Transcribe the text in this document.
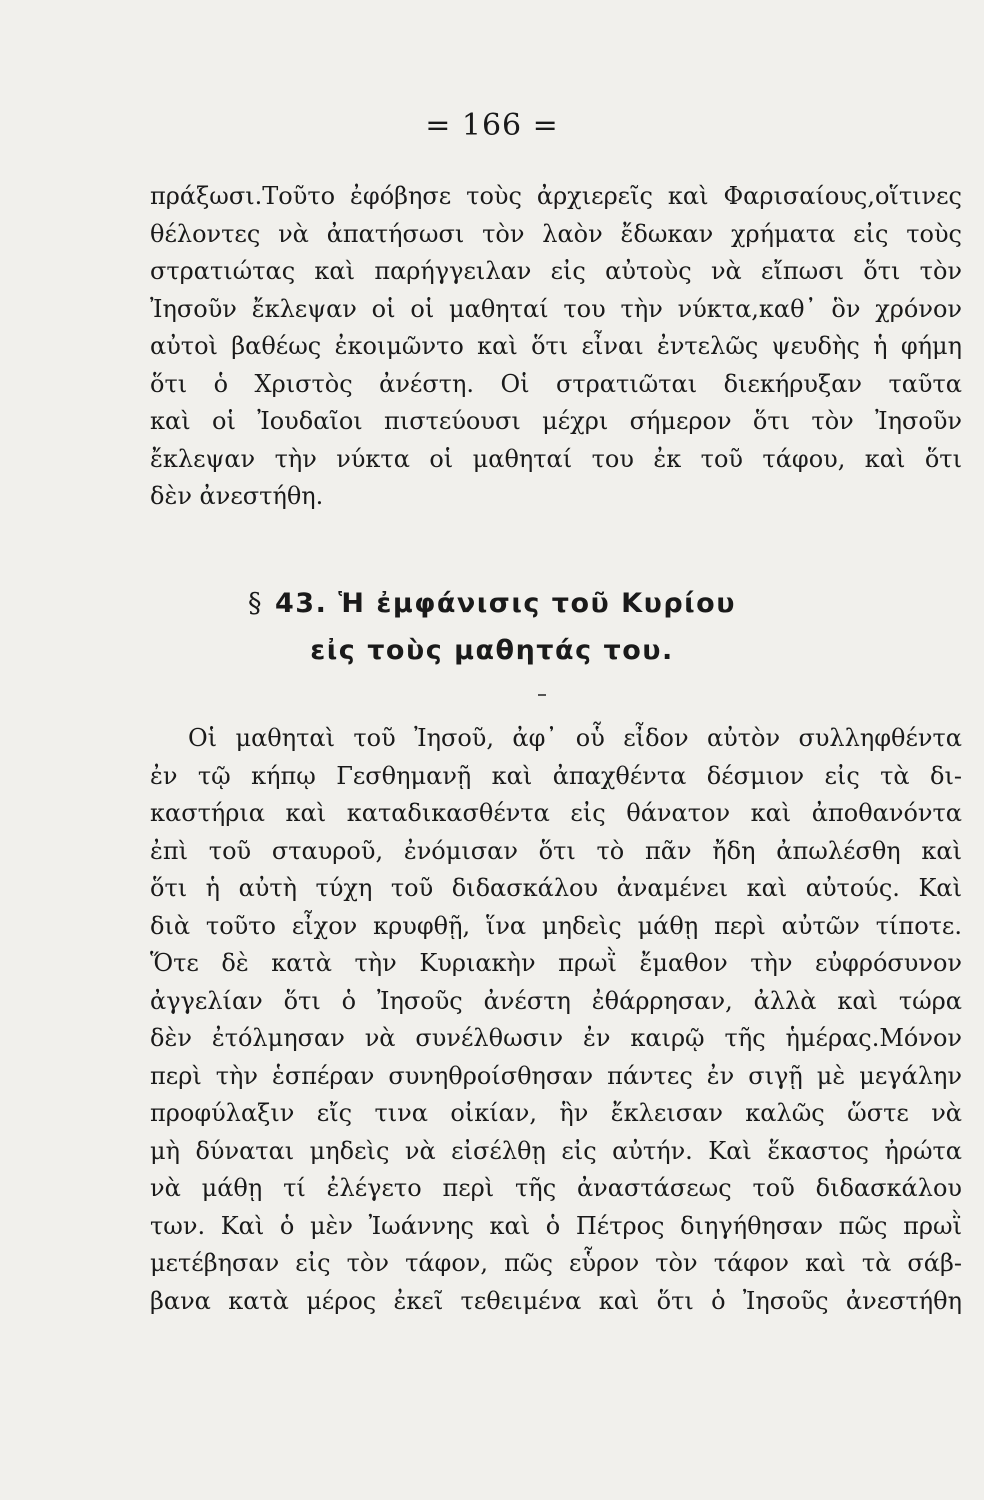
= 166 =
πράξωσι.Τοῦτο ἐφόβησε τοὺς ἀρχιερεῖς καὶ Φαρισαίους,οἵτινες
θέλοντες νὰ ἀπατήσωσι τὸν λαὸν ἔδωκαν χρήματα εἰς τοὺς
στρατιώτας καὶ παρήγγειλαν εἰς αὐτοὺς νὰ εἴπωσι ὅτι τὸν
Ἰησοῦν ἔκλεψαν οἱ οἱ μαθηταί του τὴν νύκτα,καθ᾽ ὃν χρόνον
αὐτοὶ βαθέως ἐκοιμῶντο καὶ ὅτι εἶναι ἐντελῶς ψευδὴς ἡ φήμη
ὅτι ὁ Χριστὸς ἀνέστη. Οἱ στρατιῶται διεκήρυξαν ταῦτα
καὶ οἱ Ἰουδαῖοι πιστεύουσι μέχρι σήμερον ὅτι τὸν Ἰησοῦν
ἔκλεψαν τὴν νύκτα οἱ μαθηταί του ἐκ τοῦ τάφου, καὶ ὅτι
δὲν ἀνεστήθη.
§ 43. Ἡ ἐμφάνισις τοῦ Κυρίου
εἰς τοὺς μαθητάς του.
Οἱ μαθηταὶ τοῦ Ἰησοῦ, ἀφ᾽ οὗ εἶδον αὐτὸν συλληφθέντα
ἐν τῷ κήπῳ Γεσθημανῇ καὶ ἀπαχθέντα δέσμιον εἰς τὰ δι-
καστήρια καὶ καταδικασθέντα εἰς θάνατον καὶ ἀποθανόντα
ἐπὶ τοῦ σταυροῦ, ἐνόμισαν ὅτι τὸ πᾶν ἤδη ἀπωλέσθη καὶ
ὅτι ἡ αὐτὴ τύχη τοῦ διδασκάλου ἀναμένει καὶ αὐτούς. Καὶ
διὰ τοῦτο εἶχον κρυφθῇ, ἵνα μηδεὶς μάθῃ περὶ αὐτῶν τίποτε.
Ὅτε δὲ κατὰ τὴν Κυριακὴν πρωῒ ἔμαθον τὴν εὐφρόσυνον
ἀγγελίαν ὅτι ὁ Ἰησοῦς ἀνέστη ἐθάρρησαν, ἀλλὰ καὶ τώρα
δὲν ἐτόλμησαν νὰ συνέλθωσιν ἐν καιρῷ τῆς ἡμέρας.Μόνον
περὶ τὴν ἑσπέραν συνηθροίσθησαν πάντες ἐν σιγῇ μὲ μεγάλην
προφύλαξιν εἴς τινα οἰκίαν, ἣν ἔκλεισαν καλῶς ὥστε νὰ
μὴ δύναται μηδεὶς νὰ εἰσέλθῃ εἰς αὐτήν. Καὶ ἕκαστος ἠρώτα
νὰ μάθῃ τί ἐλέγετο περὶ τῆς ἀναστάσεως τοῦ διδασκάλου
των. Καὶ ὁ μὲν Ἰωάννης καὶ ὁ Πέτρος διηγήθησαν πῶς πρωῒ
μετέβησαν εἰς τὸν τάφον, πῶς εὗρον τὸν τάφον καὶ τὰ σάβ-
βανα κατὰ μέρος ἐκεῖ τεθειμένα καὶ ὅτι ὁ Ἰησοῦς ἀνεστήθη
